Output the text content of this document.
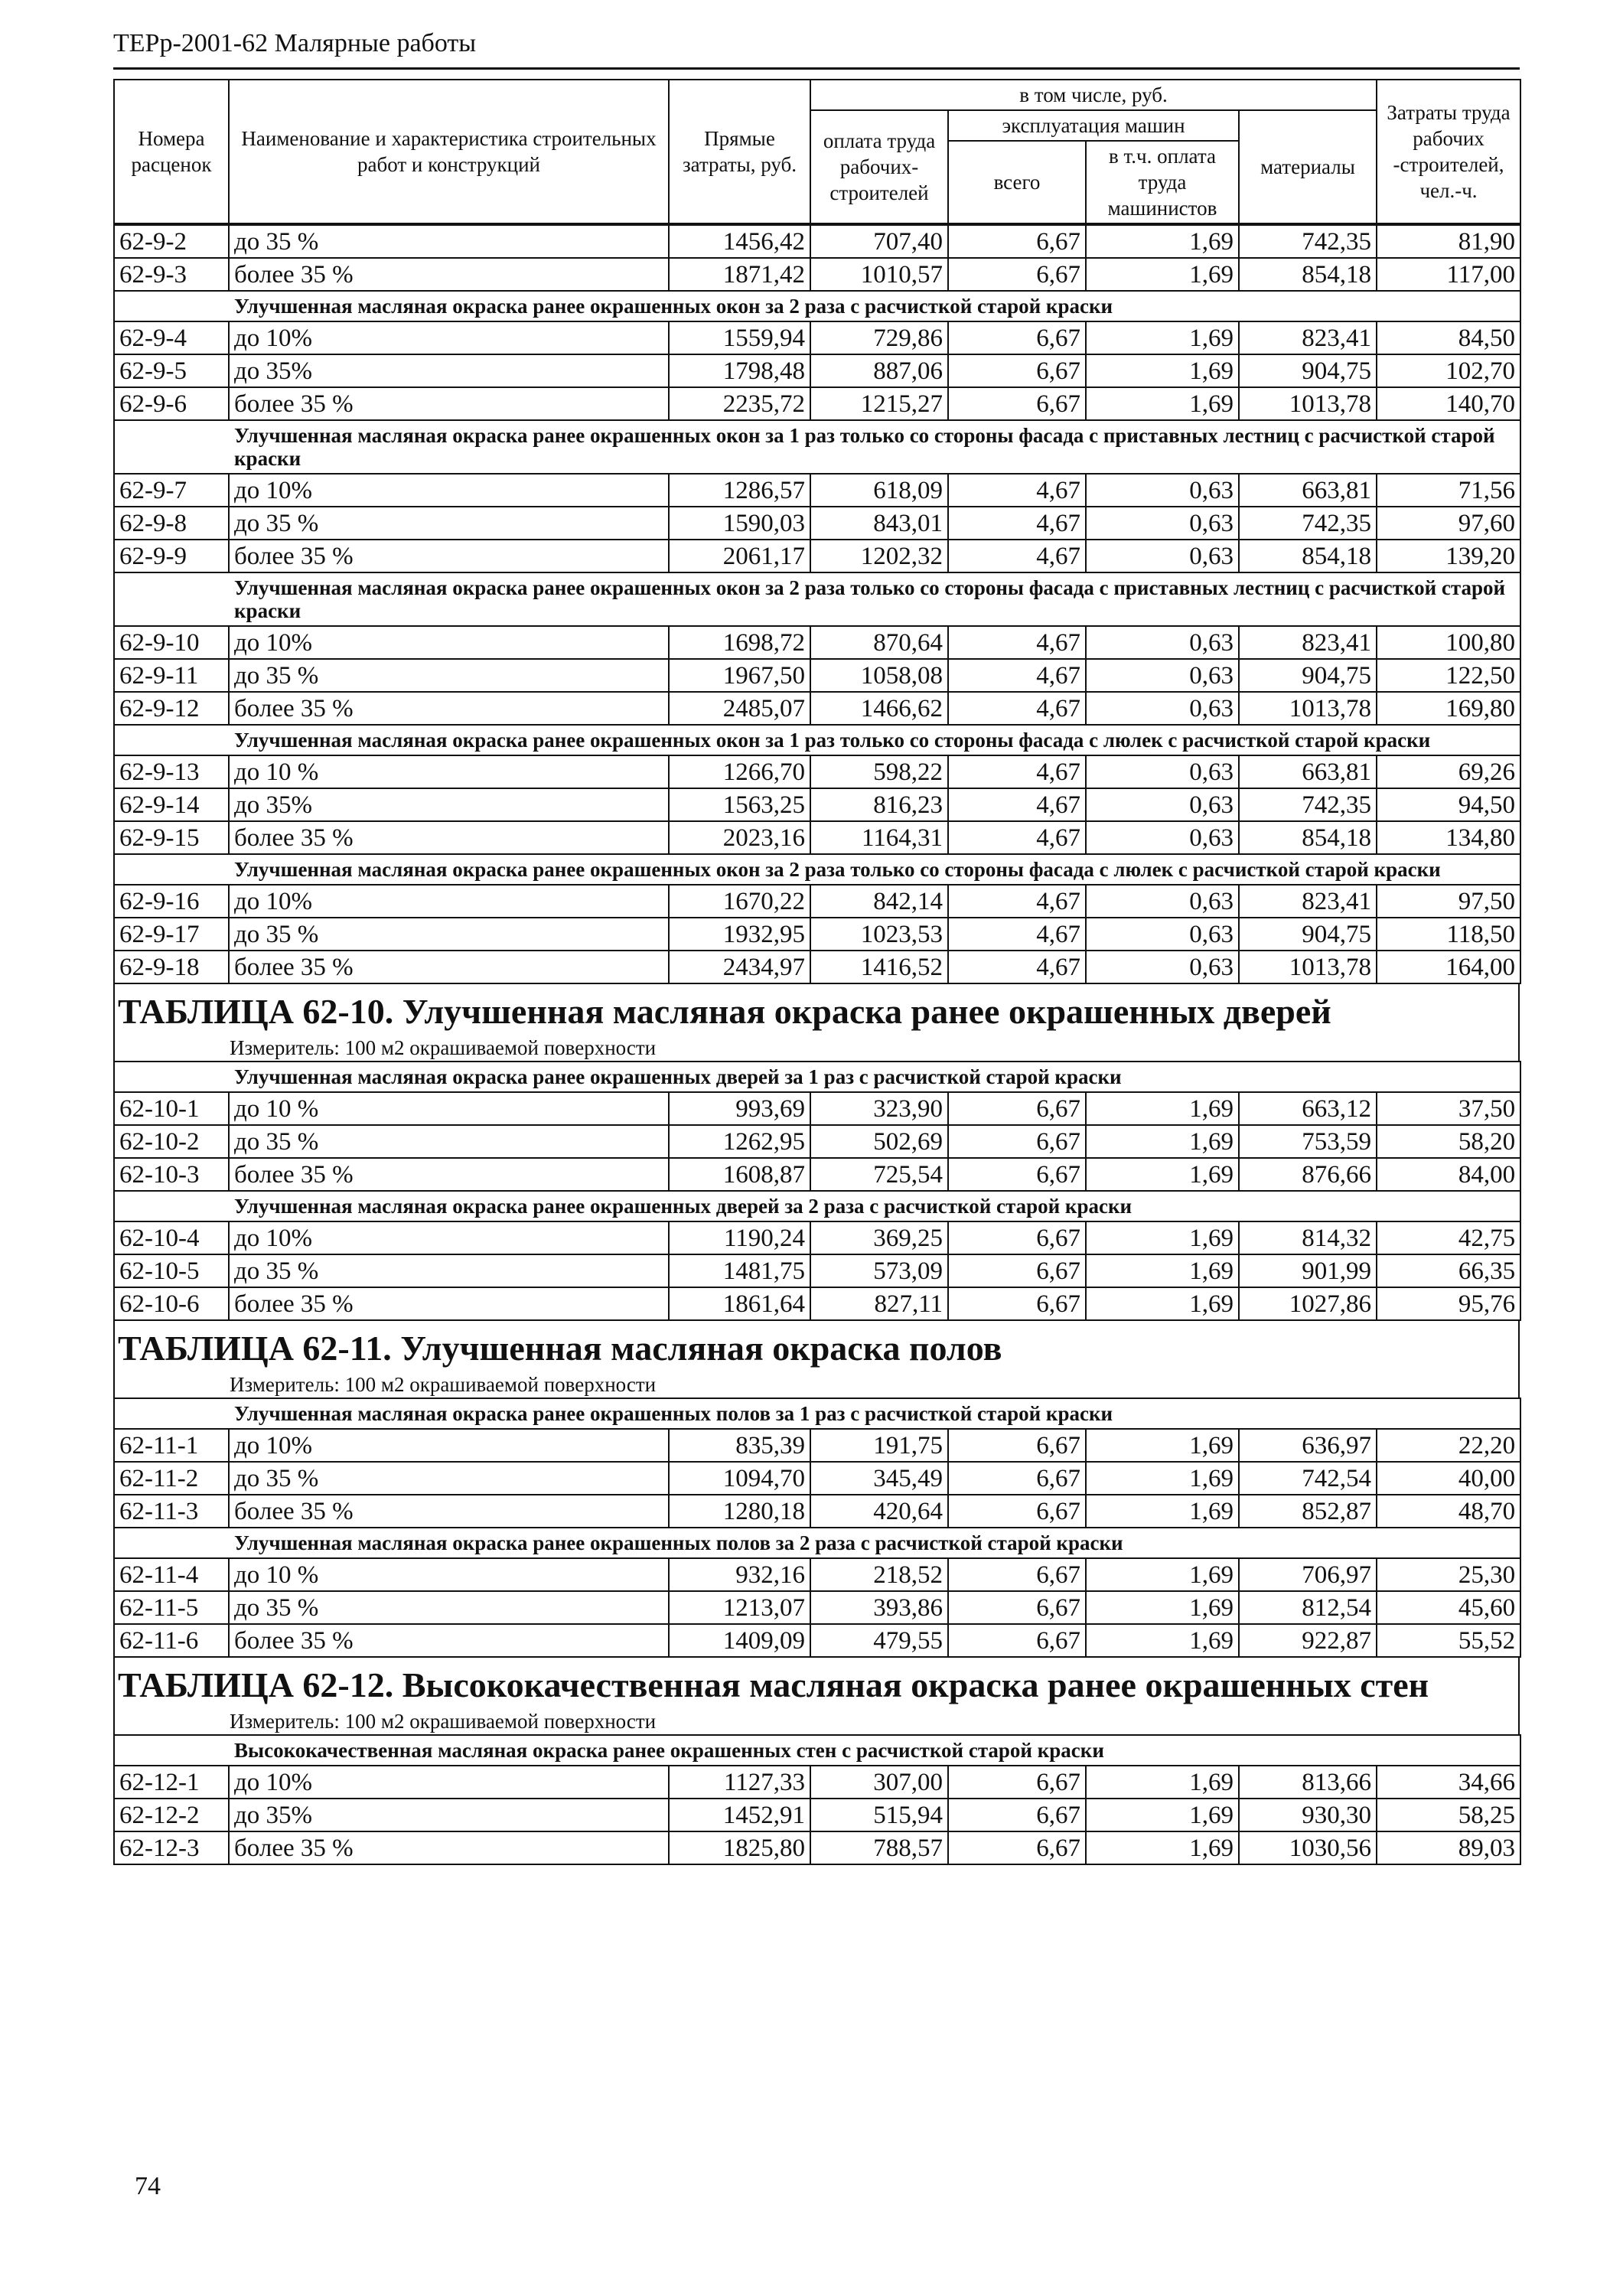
ТЕРр-2001-62 Малярные работы
Номера расценок	Наименование и характеристика строительных работ и конструкций	Прямые затраты, руб.	в том числе, руб.				Затраты труда рабочих -строителей, чел.-ч.
			оплата труда рабочих-строителей	эксплуатация машин		материалы	
				всего	в т.ч. оплата труда машинистов		
62-9-2	до 35 %	1456,42	707,40	6,67	1,69	742,35	81,90
62-9-3	более 35 %	1871,42	1010,57	6,67	1,69	854,18	117,00

Улучшенная масляная окраска ранее окрашенных окон за 2 раза с расчисткой старой краски							

62-9-4	до 10%	1559,94	729,86	6,67	1,69	823,41	84,50
62-9-5	до 35%	1798,48	887,06	6,67	1,69	904,75	102,70
62-9-6	более 35 %	2235,72	1215,27	6,67	1,69	1013,78	140,70

Улучшенная масляная окраска ранее окрашенных окон за 1 раз только со стороны фасада с приставных лестниц с расчисткой старой краски							

62-9-7	до 10%	1286,57	618,09	4,67	0,63	663,81	71,56
62-9-8	до 35 %	1590,03	843,01	4,67	0,63	742,35	97,60
62-9-9	более 35 %	2061,17	1202,32	4,67	0,63	854,18	139,20

Улучшенная масляная окраска ранее окрашенных окон за 2 раза только со стороны фасада с приставных лестниц с расчисткой старой краски							

62-9-10	до 10%	1698,72	870,64	4,67	0,63	823,41	100,80
62-9-11	до 35 %	1967,50	1058,08	4,67	0,63	904,75	122,50
62-9-12	более 35 %	2485,07	1466,62	4,67	0,63	1013,78	169,80

Улучшенная масляная окраска ранее окрашенных окон за 1 раз только со стороны фасада с люлек с расчисткой старой краски							

62-9-13	до 10 %	1266,70	598,22	4,67	0,63	663,81	69,26
62-9-14	до 35%	1563,25	816,23	4,67	0,63	742,35	94,50
62-9-15	более 35 %	2023,16	1164,31	4,67	0,63	854,18	134,80

Улучшенная масляная окраска ранее окрашенных окон за 2 раза только со стороны фасада с люлек с расчисткой старой краски							

62-9-16	до 10%	1670,22	842,14	4,67	0,63	823,41	97,50
62-9-17	до 35 %	1932,95	1023,53	4,67	0,63	904,75	118,50
62-9-18	более 35 %	2434,97	1416,52	4,67	0,63	1013,78	164,00
ТАБЛИЦА 62-10. Улучшенная масляная окраска ранее окрашенных дверей
Измеритель: 100 м2 окрашиваемой поверхности
Улучшенная масляная окраска ранее окрашенных дверей за 1 раз с расчисткой старой краски							

62-10-1	до 10 %	993,69	323,90	6,67	1,69	663,12	37,50
62-10-2	до 35 %	1262,95	502,69	6,67	1,69	753,59	58,20
62-10-3	более 35 %	1608,87	725,54	6,67	1,69	876,66	84,00

Улучшенная масляная окраска ранее окрашенных дверей за 2 раза с расчисткой старой краски							

62-10-4	до 10%	1190,24	369,25	6,67	1,69	814,32	42,75
62-10-5	до 35 %	1481,75	573,09	6,67	1,69	901,99	66,35
62-10-6	более 35 %	1861,64	827,11	6,67	1,69	1027,86	95,76
ТАБЛИЦА 62-11. Улучшенная масляная окраска полов
Измеритель: 100 м2 окрашиваемой поверхности
Улучшенная масляная окраска ранее окрашенных полов за 1 раз с расчисткой старой краски							

62-11-1	до 10%	835,39	191,75	6,67	1,69	636,97	22,20
62-11-2	до 35 %	1094,70	345,49	6,67	1,69	742,54	40,00
62-11-3	более 35 %	1280,18	420,64	6,67	1,69	852,87	48,70

Улучшенная масляная окраска ранее окрашенных полов за 2 раза с расчисткой старой краски							

62-11-4	до 10 %	932,16	218,52	6,67	1,69	706,97	25,30
62-11-5	до 35 %	1213,07	393,86	6,67	1,69	812,54	45,60
62-11-6	более 35 %	1409,09	479,55	6,67	1,69	922,87	55,52
ТАБЛИЦА 62-12. Высококачественная масляная окраска ранее окрашенных стен
Измеритель: 100 м2 окрашиваемой поверхности
Высококачественная масляная окраска ранее окрашенных стен с расчисткой старой краски							

62-12-1	до 10%	1127,33	307,00	6,67	1,69	813,66	34,66
62-12-2	до 35%	1452,91	515,94	6,67	1,69	930,30	58,25
62-12-3	более 35 %	1825,80	788,57	6,67	1,69	1030,56	89,03
74
